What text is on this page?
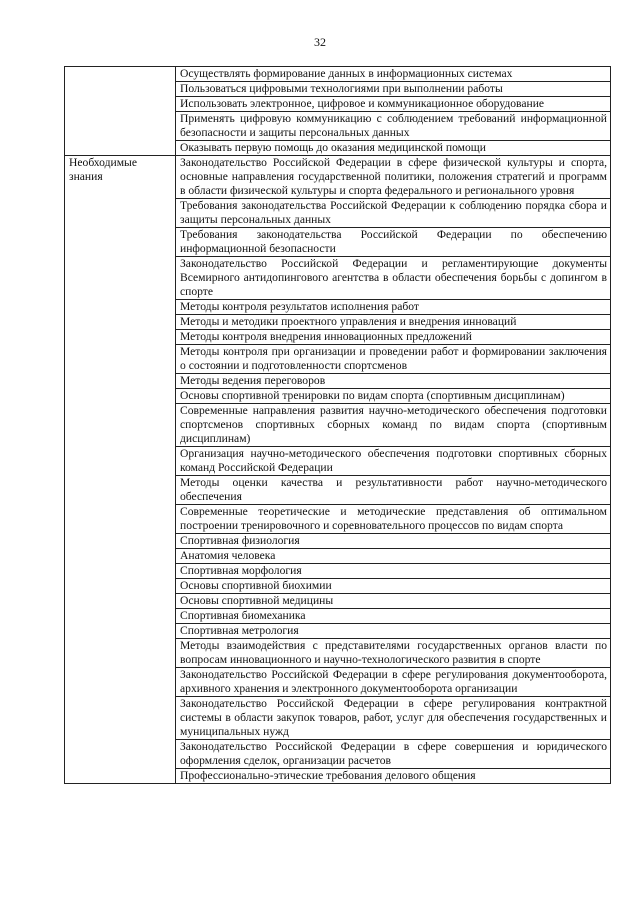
32
	Осуществлять формирование данных в информационных системах
	Пользоваться цифровыми технологиями при выполнении работы
	Использовать электронное, цифровое и коммуникационное оборудование
	Применять цифровую коммуникацию с соблюдением требований информационной безопасности и защиты персональных данных
	Оказывать первую помощь до оказания медицинской помощи
Необходимые знания	Законодательство Российской Федерации в сфере физической культуры и спорта, основные направления государственной политики, положения стратегий и программ в области физической культуры и спорта федерального и регионального уровня
	Требования законодательства Российской Федерации к соблюдению порядка сбора и защиты персональных данных
	Требования законодательства Российской Федерации по обеспечению информационной безопасности
	Законодательство Российской Федерации и регламентирующие документы Всемирного антидопингового агентства в области обеспечения борьбы с допингом в спорте
	Методы контроля результатов исполнения работ
	Методы и методики проектного управления и внедрения инноваций
	Методы контроля внедрения инновационных предложений
	Методы контроля при организации и проведении работ и формировании заключения о состоянии и подготовленности спортсменов
	Методы ведения переговоров
	Основы спортивной тренировки по видам спорта (спортивным дисциплинам)
	Современные направления развития научно-методического обеспечения подготовки спортсменов спортивных сборных команд по видам спорта (спортивным дисциплинам)
	Организация научно-методического обеспечения подготовки спортивных сборных команд Российской Федерации
	Методы оценки качества и результативности работ научно-методического обеспечения
	Современные теоретические и методические представления об оптимальном построении тренировочного и соревновательного процессов по видам спорта
	Спортивная физиология
	Анатомия человека
	Спортивная морфология
	Основы спортивной биохимии
	Основы спортивной медицины
	Спортивная биомеханика
	Спортивная метрология
	Методы взаимодействия с представителями государственных органов власти по вопросам инновационного и научно-технологического развития в спорте
	Законодательство Российской Федерации в сфере регулирования документооборота, архивного хранения и электронного документооборота организации
	Законодательство Российской Федерации в сфере регулирования контрактной системы в области закупок товаров, работ, услуг для обеспечения государственных и муниципальных нужд
	Законодательство Российской Федерации в сфере совершения и юридического оформления сделок, организации расчетов
	Профессионально-этические требования делового общения
